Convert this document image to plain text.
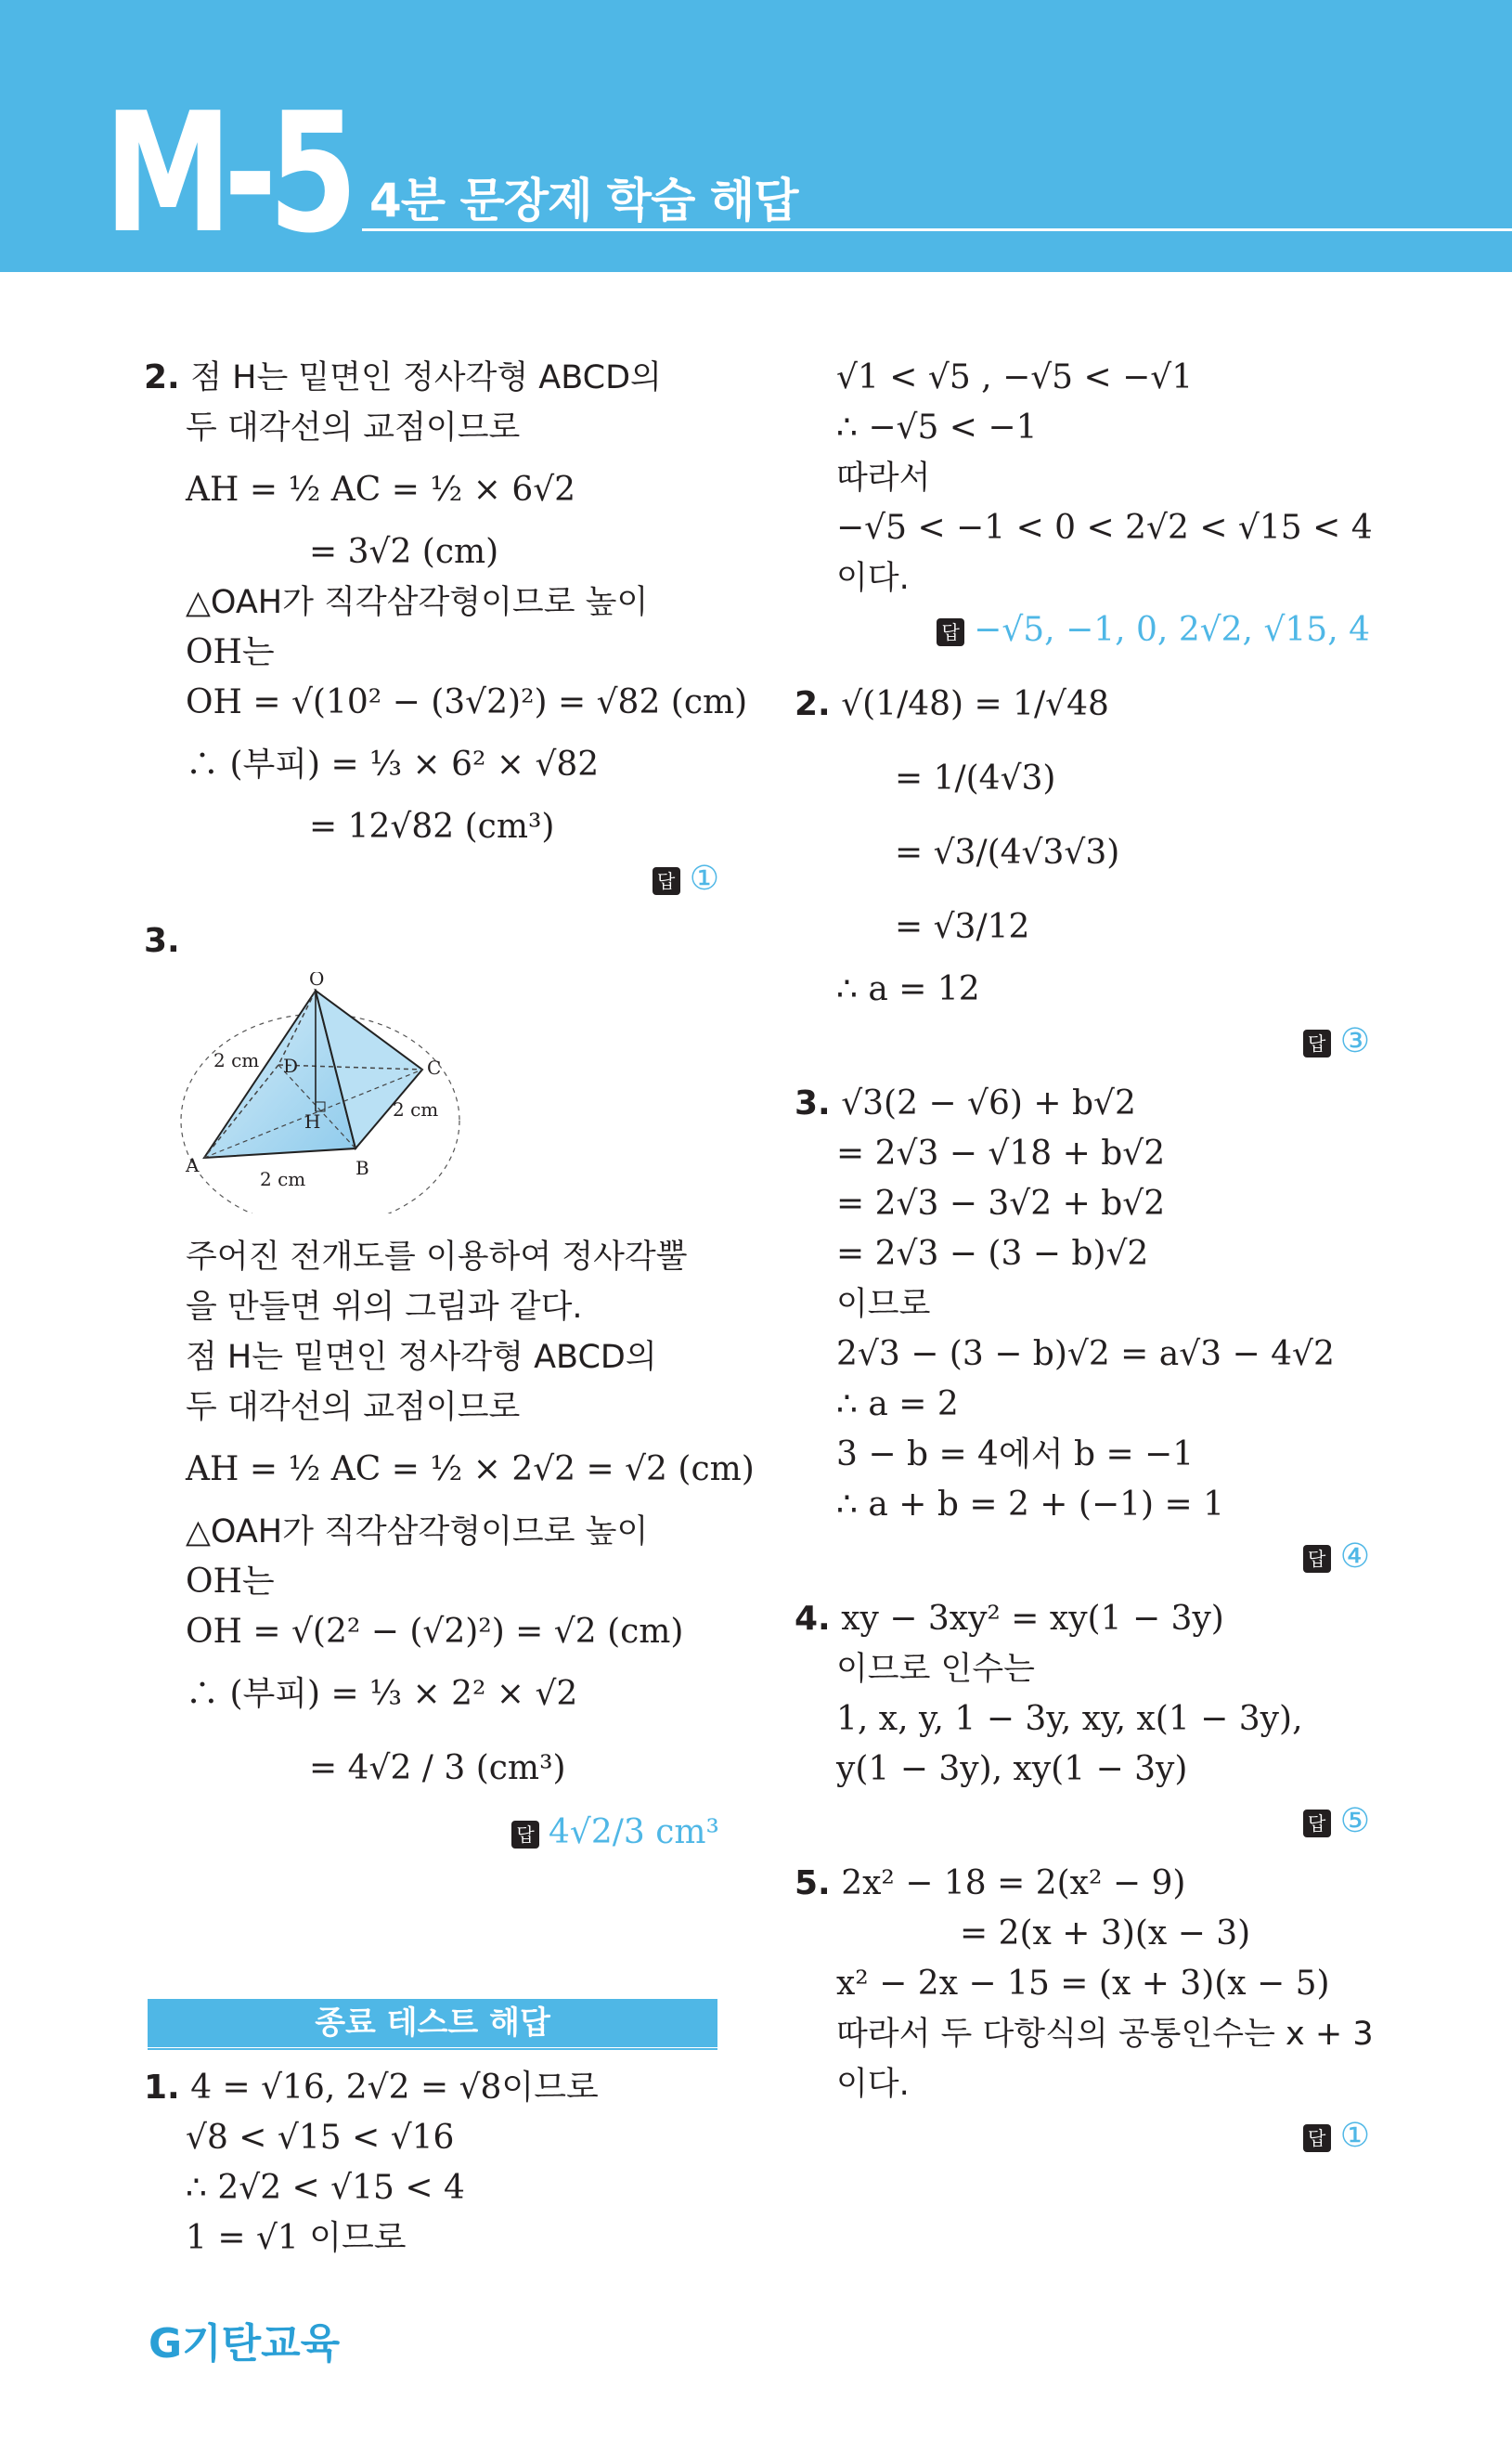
M-5 4분 문장제 학습 해답
2. 점 H는 밑면인 정사각형 ABCD의
두 대각선의 교점이므로
AH = ½ AC = ½ × 6√2
= 3√2 (cm)
△OAH가 직각삼각형이므로 높이
OH는
OH = √(10² − (3√2)²) = √82 (cm)
∴ (부피) = ⅓ × 6² × √82
= 12√82 (cm³)
답 ①
3.
O
2 cm D	C
H
2 cm
A
2 cm	B
주어진 전개도를 이용하여 정사각뿔
을 만들면 위의 그림과 같다.
점 H는 밑면인 정사각형 ABCD의
두 대각선의 교점이므로
AH = ½ AC = ½ × 2√2 = √2 (cm)
△OAH가 직각삼각형이므로 높이
OH는
OH = √(2² − (√2)²) = √2 (cm)
∴ (부피) = ⅓ × 2² × √2
= 4√2 / 3 (cm³)
답 4√2/3 cm³
종료 테스트 해답
1. 4 = √16, 2√2 = √8이므로
√8 < √15 < √16
∴ 2√2 < √15 < 4
1 = √1 이므로
√1 < √5 , −√5 < −√1
∴ −√5 < −1
따라서
−√5 < −1 < 0 < 2√2 < √15 < 4
이다.
답 −√5, −1, 0, 2√2, √15, 4
2. √(1/48) = 1/√48
= 1/(4√3)
= √3/(4√3√3)
= √3/12
∴ a = 12
답 ③
3. √3(2 − √6) + b√2
= 2√3 − √18 + b√2
= 2√3 − 3√2 + b√2
= 2√3 − (3 − b)√2
이므로
2√3 − (3 − b)√2 = a√3 − 4√2
∴ a = 2
3 − b = 4에서 b = −1
∴ a + b = 2 + (−1) = 1
답 ④
4. xy − 3xy² = xy(1 − 3y)
이므로 인수는
1, x, y, 1 − 3y, xy, x(1 − 3y),
y(1 − 3y), xy(1 − 3y)
답 ⑤
5. 2x² − 18 = 2(x² − 9)
= 2(x + 3)(x − 3)
x² − 2x − 15 = (x + 3)(x − 5)
따라서 두 다항식의 공통인수는 x + 3
이다.
답 ①
G기탄교육
